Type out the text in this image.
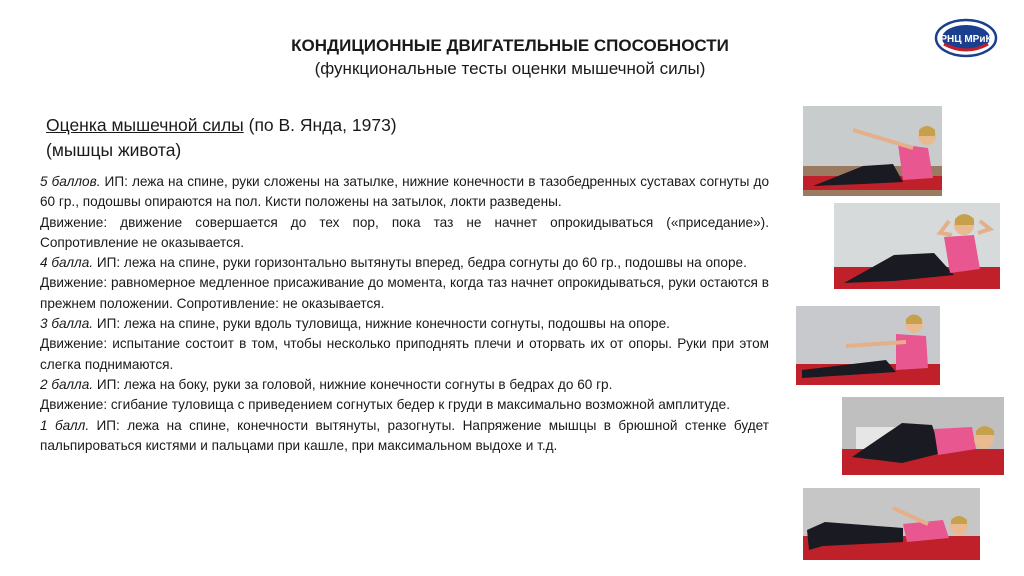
КОНДИЦИОННЫЕ ДВИГАТЕЛЬНЫЕ СПОСОБНОСТИ
(функциональные тесты оценки мышечной силы)
РНЦ МРиК
Оценка мышечной силы (по В. Янда, 1973)
(мышцы живота)

5 баллов. ИП: лежа на спине, руки сложены на затылке, нижние конечности в тазобедренных суставах согнуты до 60 гр., подошвы опираются на пол. Кисти положены на затылок, локти разведены.

Движение: движение совершается до тех пор, пока таз не начнет опрокидываться («приседание»). Сопротивление не оказывается.

4 балла. ИП: лежа на спине, руки горизонтально вытянуты вперед, бедра согнуты до 60 гр., подошвы на опоре.

Движение: равномерное медленное присаживание до момента, когда таз начнет опрокидываться, руки остаются в прежнем положении. Сопротивление: не оказывается.

3 балла. ИП: лежа на спине, руки вдоль туловища, нижние конечности согнуты, подошвы на опоре.

Движение: испытание состоит в том, чтобы несколько приподнять плечи и оторвать их от опоры. Руки при этом слегка поднимаются.

2 балла. ИП: лежа на боку, руки за головой, нижние конечности согнуты в бедрах до 60 гр.

Движение: сгибание туловища с приведением согнутых бедер к груди в максимально возможной амплитуде.

1 балл. ИП: лежа на спине, конечности вытянуты, разогнуты. Напряжение мышцы в брюшной стенке будет пальпироваться кистями и пальцами при кашле, при максимальном выдохе и т.д.
